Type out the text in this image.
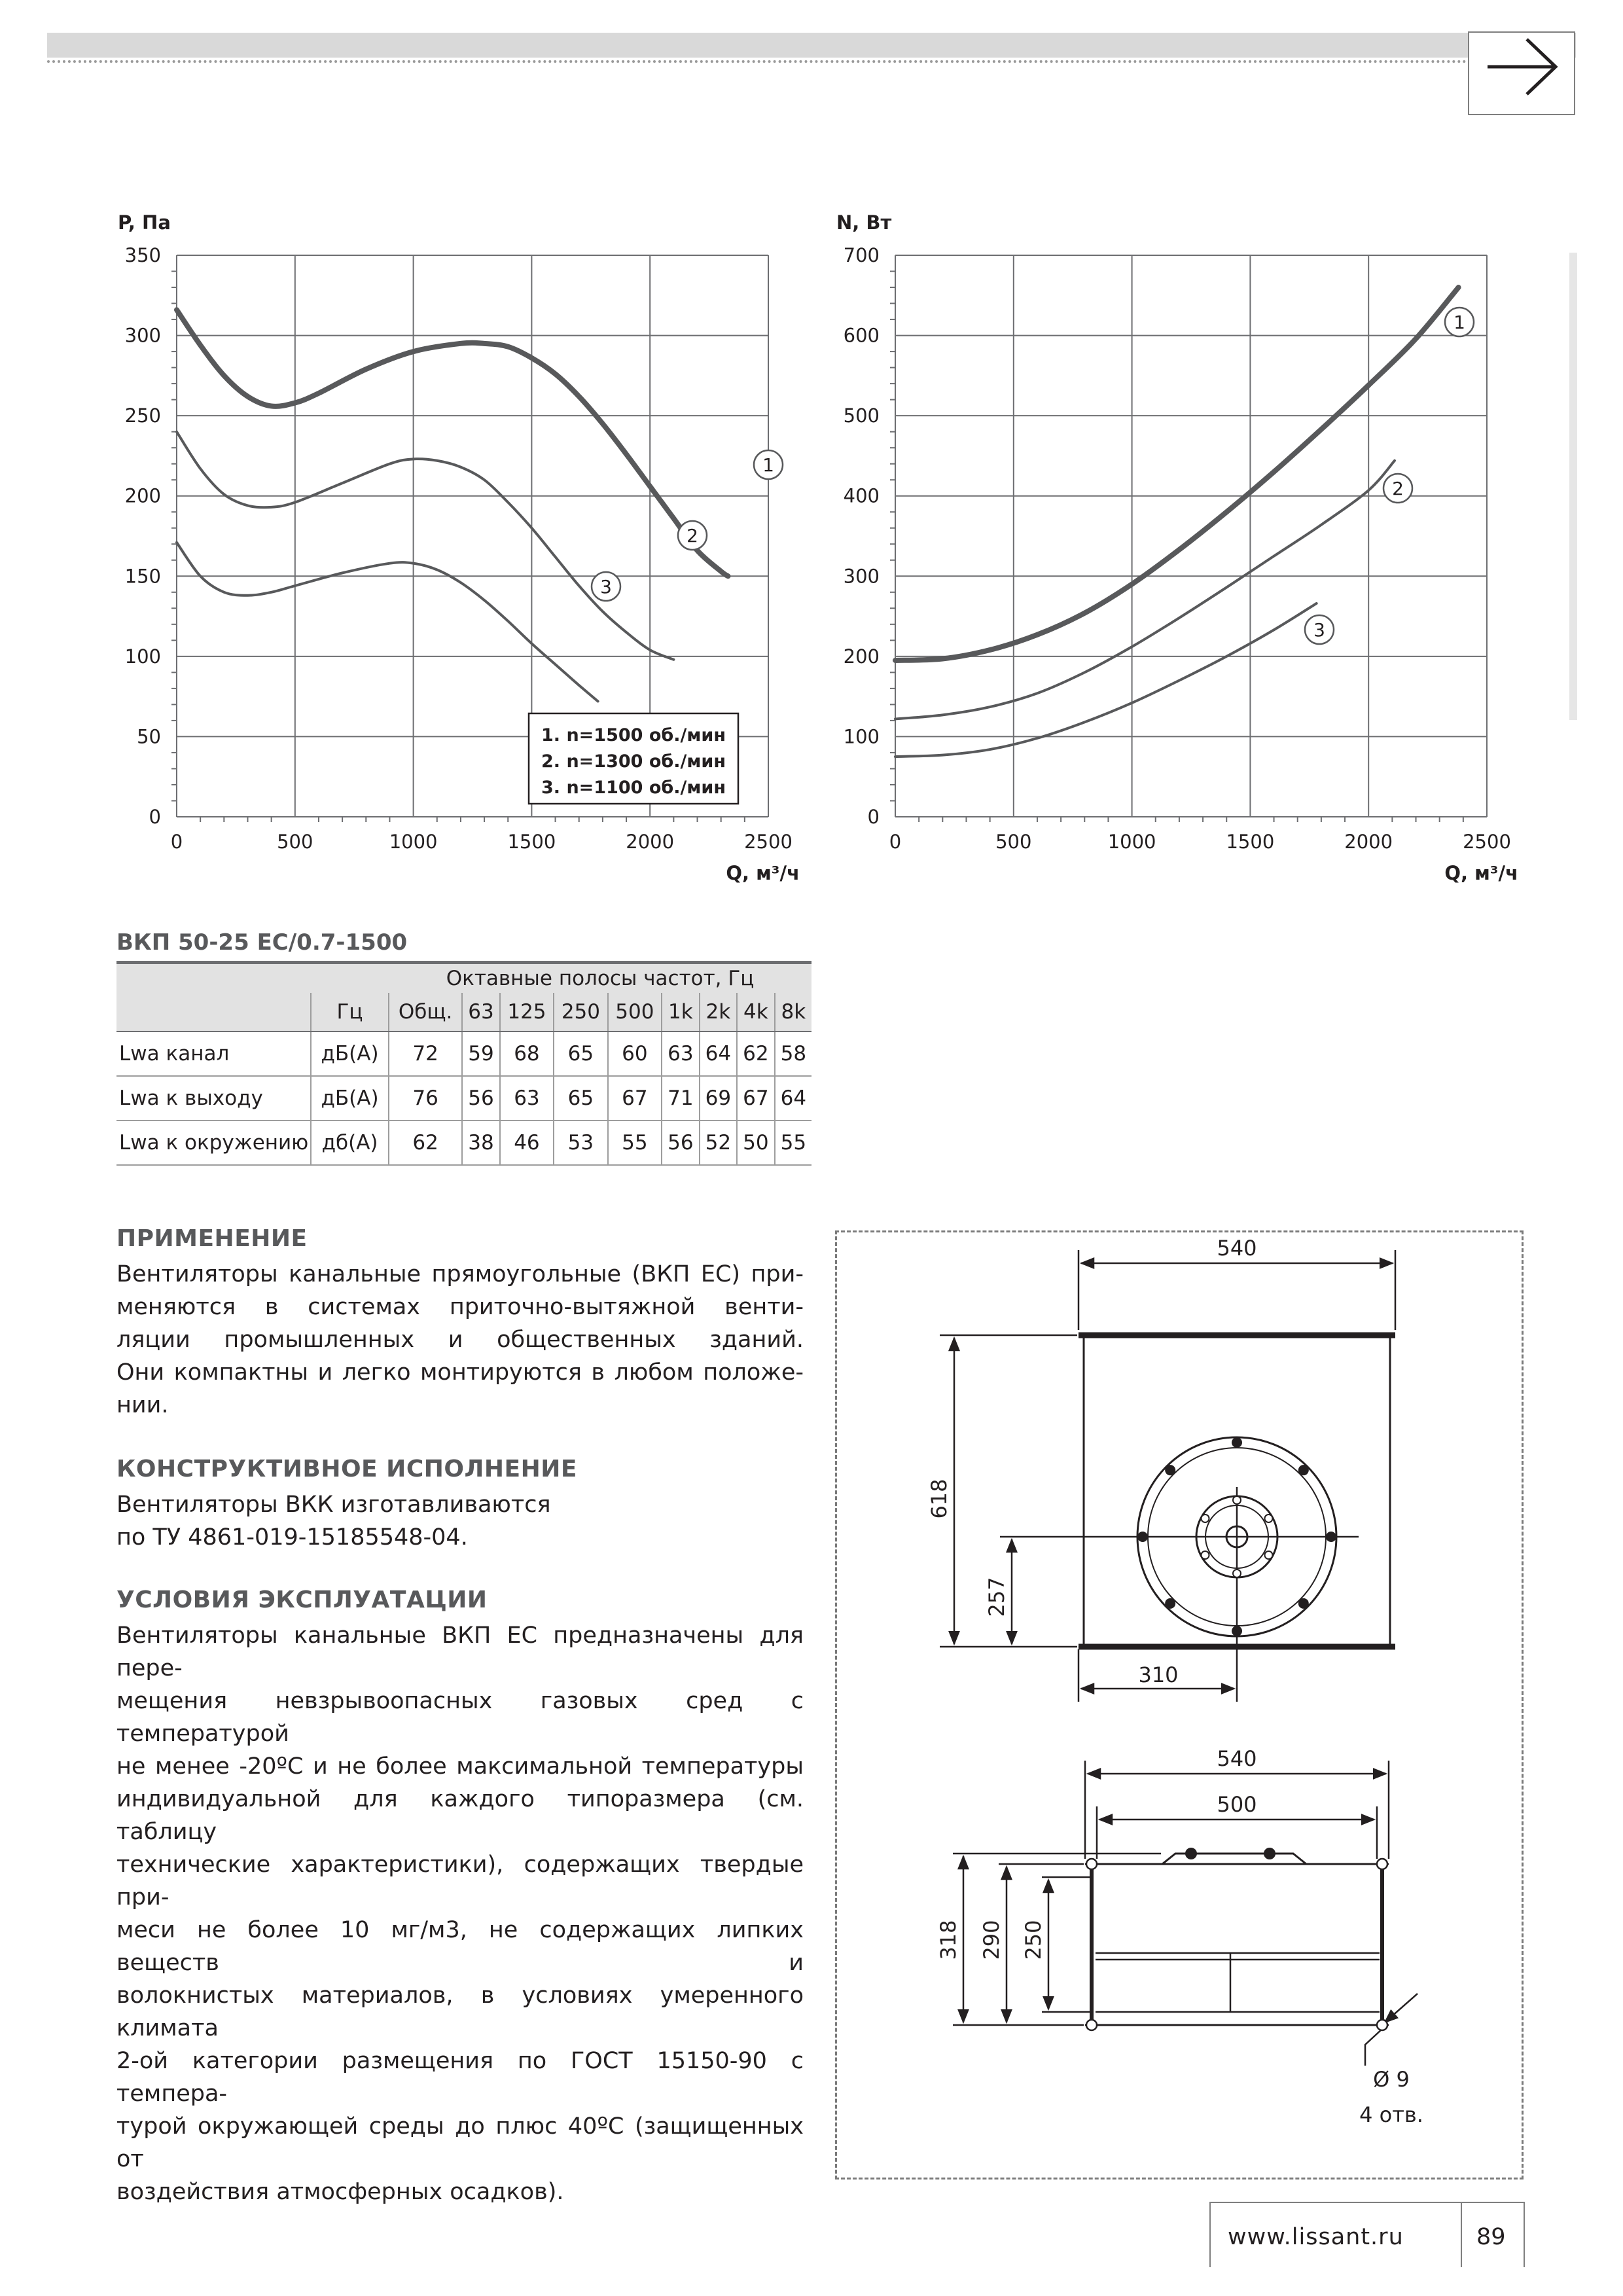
0	500	1000	1500	2000	2500
0
50
100
150
200
250
300
350
P, Па
Q, м³/ч
1
2
3
1. n=1500 об./мин
2. n=1300 об./мин
3. n=1100 об./мин
0	500	1000	1500	2000	2500
0
100
200
300
400
500
600
700
N, Вт
Q, м³/ч
1
2
3
ВКП 50-25 ЕС/0.7-1500
		Октавные полосы частот, Гц								
	Гц	Общ.	63	125	250	500	1k	2k	4k	8k
Lwa канал	дБ(А)	72	59	68	65	60	63	64	62	58
Lwa к выходу	дБ(А)	76	56	63	65	67	71	69	67	64
Lwa к окружению	дб(А)	62	38	46	53	55	56	52	50	55
ПРИМЕНЕНИЕ
Вентиляторы канальные прямоугольные (ВКП ЕС) при-
меняются в системах приточно-вытяжной венти-
ляции промышленных и общественных зданий.
Они компактны и легко монтируются в любом положе-
нии.
КОНСТРУКТИВНОЕ ИСПОЛНЕНИЕ
Вентиляторы ВКК изготавливаются
по ТУ 4861-019-15185548-04.
УСЛОВИЯ ЭКСПЛУАТАЦИИ
Вентиляторы канальные ВКП ЕС предназначены для пере-
мещения невзрывоопасных газовых сред с температурой
не менее -20ºС и не более максимальной температуры
индивидуальной для каждого типоразмера (см. таблицу
технические характеристики), содержащих твердые при-
меси не более 10 мг/м3, не содержащих липких веществ и
волокнистых материалов, в условиях умеренного климата
2-ой категории размещения по ГОСТ 15150-90 с темпера-
турой окружающей среды до плюс 40ºС (защищенных от
воздействия атмосферных осадков).
540
618
257
310
540
500
318 290 250
Ø 9
4 отв.
www.lissant.ru	89
